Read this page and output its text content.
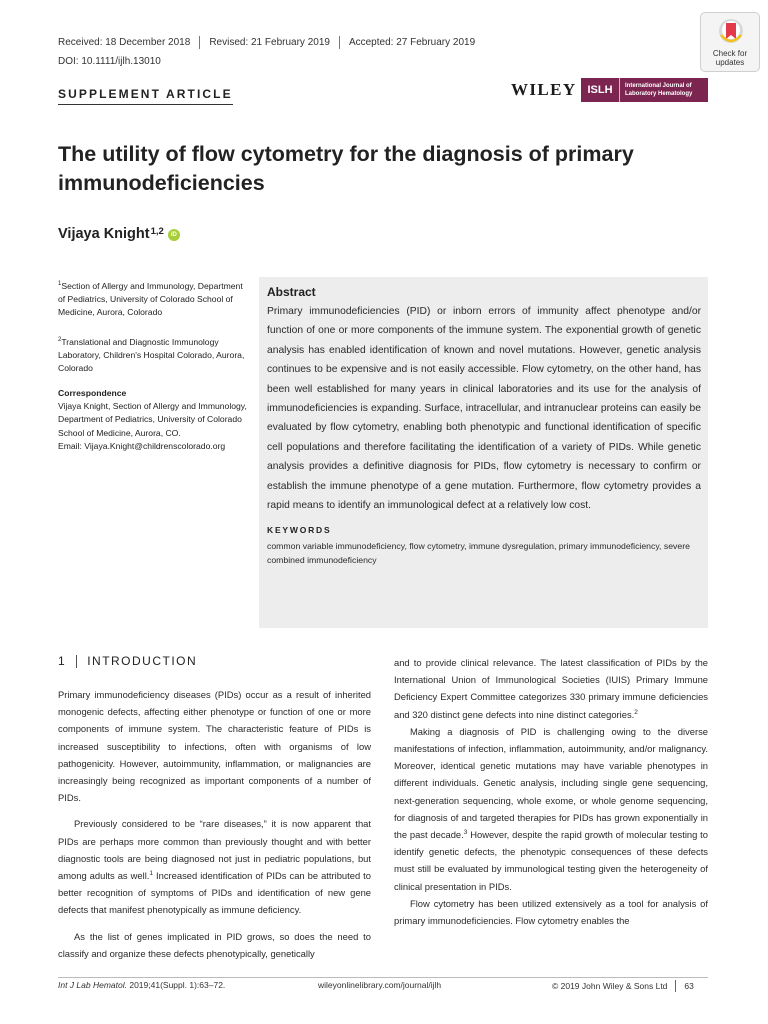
Received: 18 December 2018 Revised: 21 February 2019 Accepted: 27 February 2019
DOI: 10.1111/ijlh.13010
SUPPLEMENT ARTICLE	WILEY ISLH	International Journal of
Laboratory Hematology
Check for
updates
The utility of flow cytometry for the diagnosis of primary immunodeficiencies
Vijaya Knight 1,2	iD
$^1$Section of Allergy and Immunology, Department of Pediatrics, University of Colorado School of Medicine, Aurora, Colorado
$^2$Translational and Diagnostic Immunology Laboratory, Children's Hospital Colorado, Aurora, Colorado
Correspondence
Vijaya Knight, Section of Allergy and Immunology, Department of Pediatrics, University of Colorado School of Medicine, Aurora, CO.
Email: Vijaya.Knight@childrenscolorado.org
Abstract

Primary immunodeficiencies (PID) or inborn errors of immunity affect phenotype and/or function of one or more components of the immune system. The exponential growth of genetic analysis has enabled identification of known and novel mutations. However, genetic analysis continues to be expensive and is not easily accessible. Flow cytometry, on the other hand, has been well established for many years in clinical laboratories and its use for the analysis of immunodeficiencies is expanding. Surface, intracellular, and intranuclear proteins can easily be evaluated by flow cytometry, enabling both phenotypic and functional identification of specific cell populations and therefore facilitating the identification of a variety of PIDs. While genetic analysis provides a definitive diagnosis for PIDs, flow cytometry is necessary to confirm or establish the immune phenotype of a gene mutation. Furthermore, flow cytometry provides a rapid means to identify an immunological defect at a relatively low cost.

KEYWORDS
common variable immunodeficiency, flow cytometry, immune dysregulation, primary immunodeficiency, severe combined immunodeficiency
1 INTRODUCTION

Primary immunodeficiency diseases (PIDs) occur as a result of inherited monogenic defects, affecting either phenotype or function of one or more components of immune system. The characteristic feature of PIDs is increased susceptibility to infections, often with organisms of low pathogenicity. However, autoimmunity, inflammation, or malignancies are increasingly being recognized as important components of a number of PIDs.

Previously considered to be “rare diseases,” it is now apparent that PIDs are perhaps more common than previously thought and with better diagnostic tools are being diagnosed not just in pediatric populations, but among adults as well.$^1$ Increased identification of PIDs can be attributed to better recognition of symptoms of PIDs and identification of new gene defects that manifest phenotypically as immune deficiency.

As the list of genes implicated in PID grows, so does the need to classify and organize these defects phenotypically, genetically

and to provide clinical relevance. The latest classification of PIDs by the International Union of Immunological Societies (IUIS) Primary Immune Deficiency Expert Committee categorizes 330 primary immune deficiencies and 320 distinct gene defects into nine distinct categories.$^2$

Making a diagnosis of PID is challenging owing to the diverse manifestations of infection, inflammation, autoimmunity, and/or malignancy. Moreover, identical genetic mutations may have variable phenotypes in different individuals. Genetic analysis, including single gene sequencing, next-generation sequencing, whole exome, or whole genome sequencing, for diagnosis of and targeted therapies for PIDs has grown exponentially in the past decade.$^3$ However, despite the rapid growth of molecular testing to identify genetic defects, the phenotypic consequences of these defects must still be evaluated by immunological testing given the heterogeneity of clinical presentation in PIDs.

Flow cytometry has been utilized extensively as a tool for analysis of primary immunodeficiencies. Flow cytometry enables the

Int J Lab Hematol. 2019;41(Suppl. 1):63–72.	wileyonlinelibrary.com/journal/ijlh	© 2019 John Wiley & Sons Ltd 63
